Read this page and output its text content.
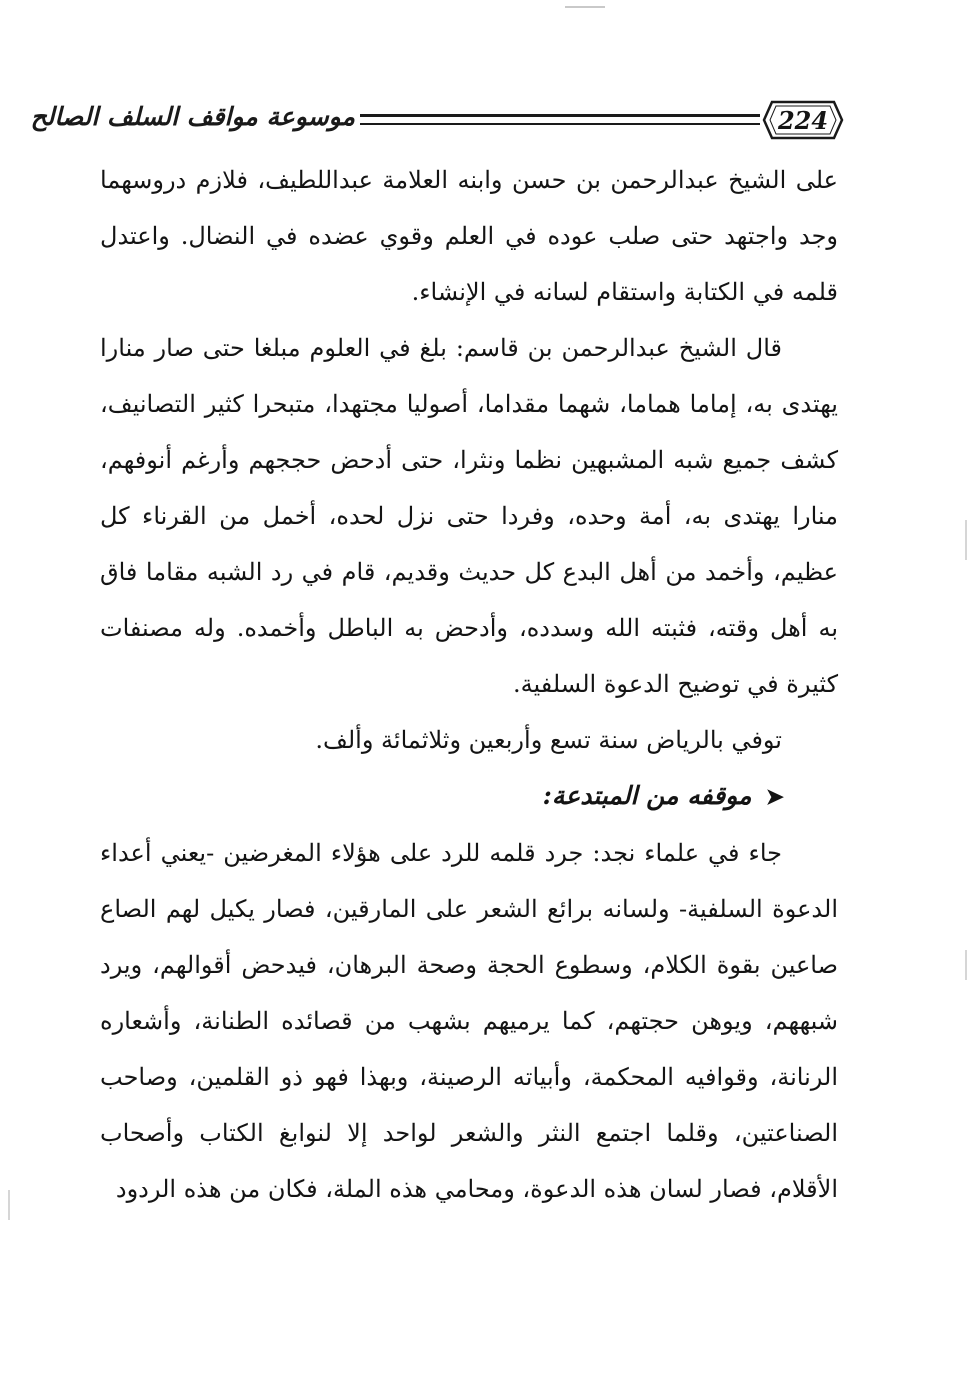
موسوعة مواقف السلف الصالح	224

على الشيخ عبدالرحمن بن حسن وابنه العلامة عبداللطيف، فلازم دروسهما وجد واجتهد حتى صلب عوده في العلم وقوي عضده في النضال. واعتدل قلمه في الكتابة واستقام لسانه في الإنشاء.

قال الشيخ عبدالرحمن بن قاسم: بلغ في العلوم مبلغا حتى صار منارا يهتدى به، إماما هماما، شهما مقداما، أصوليا مجتهدا، متبحرا كثير التصانيف، كشف جميع شبه المشبهين نظما ونثرا، حتى أدحض حججهم وأرغم أنوفهم، منارا يهتدى به، أمة وحده، وفردا حتى نزل لحده، أخمل من القرناء كل عظيم، وأخمد من أهل البدع كل حديث وقديم، قام في رد الشبه مقاما فاق به أهل وقته، فثبته الله وسدده، وأدحض به الباطل وأخمده. وله مصنفات كثيرة في توضيح الدعوة السلفية.

توفي بالرياض سنة تسع وأربعين وثلاثمائة وألف.

➤موقفه من المبتدعة:

جاء في علماء نجد: جرد قلمه للرد على هؤلاء المغرضين -يعني أعداء الدعوة السلفية- ولسانه برائع الشعر على المارقين، فصار يكيل لهم الصاع صاعين بقوة الكلام، وسطوع الحجة وصحة البرهان، فيدحض أقوالهم، ويرد شبههم، ويوهن حجتهم، كما يرميهم بشهب من قصائده الطنانة، وأشعاره الرنانة، وقوافيه المحكمة، وأبياته الرصينة، وبهذا فهو ذو القلمين، وصاحب الصناعتين، وقلما اجتمع النثر والشعر لواحد إلا لنوابغ الكتاب وأصحاب الأقلام، فصار لسان هذه الدعوة، ومحامي هذه الملة، فكان من هذه الردود
